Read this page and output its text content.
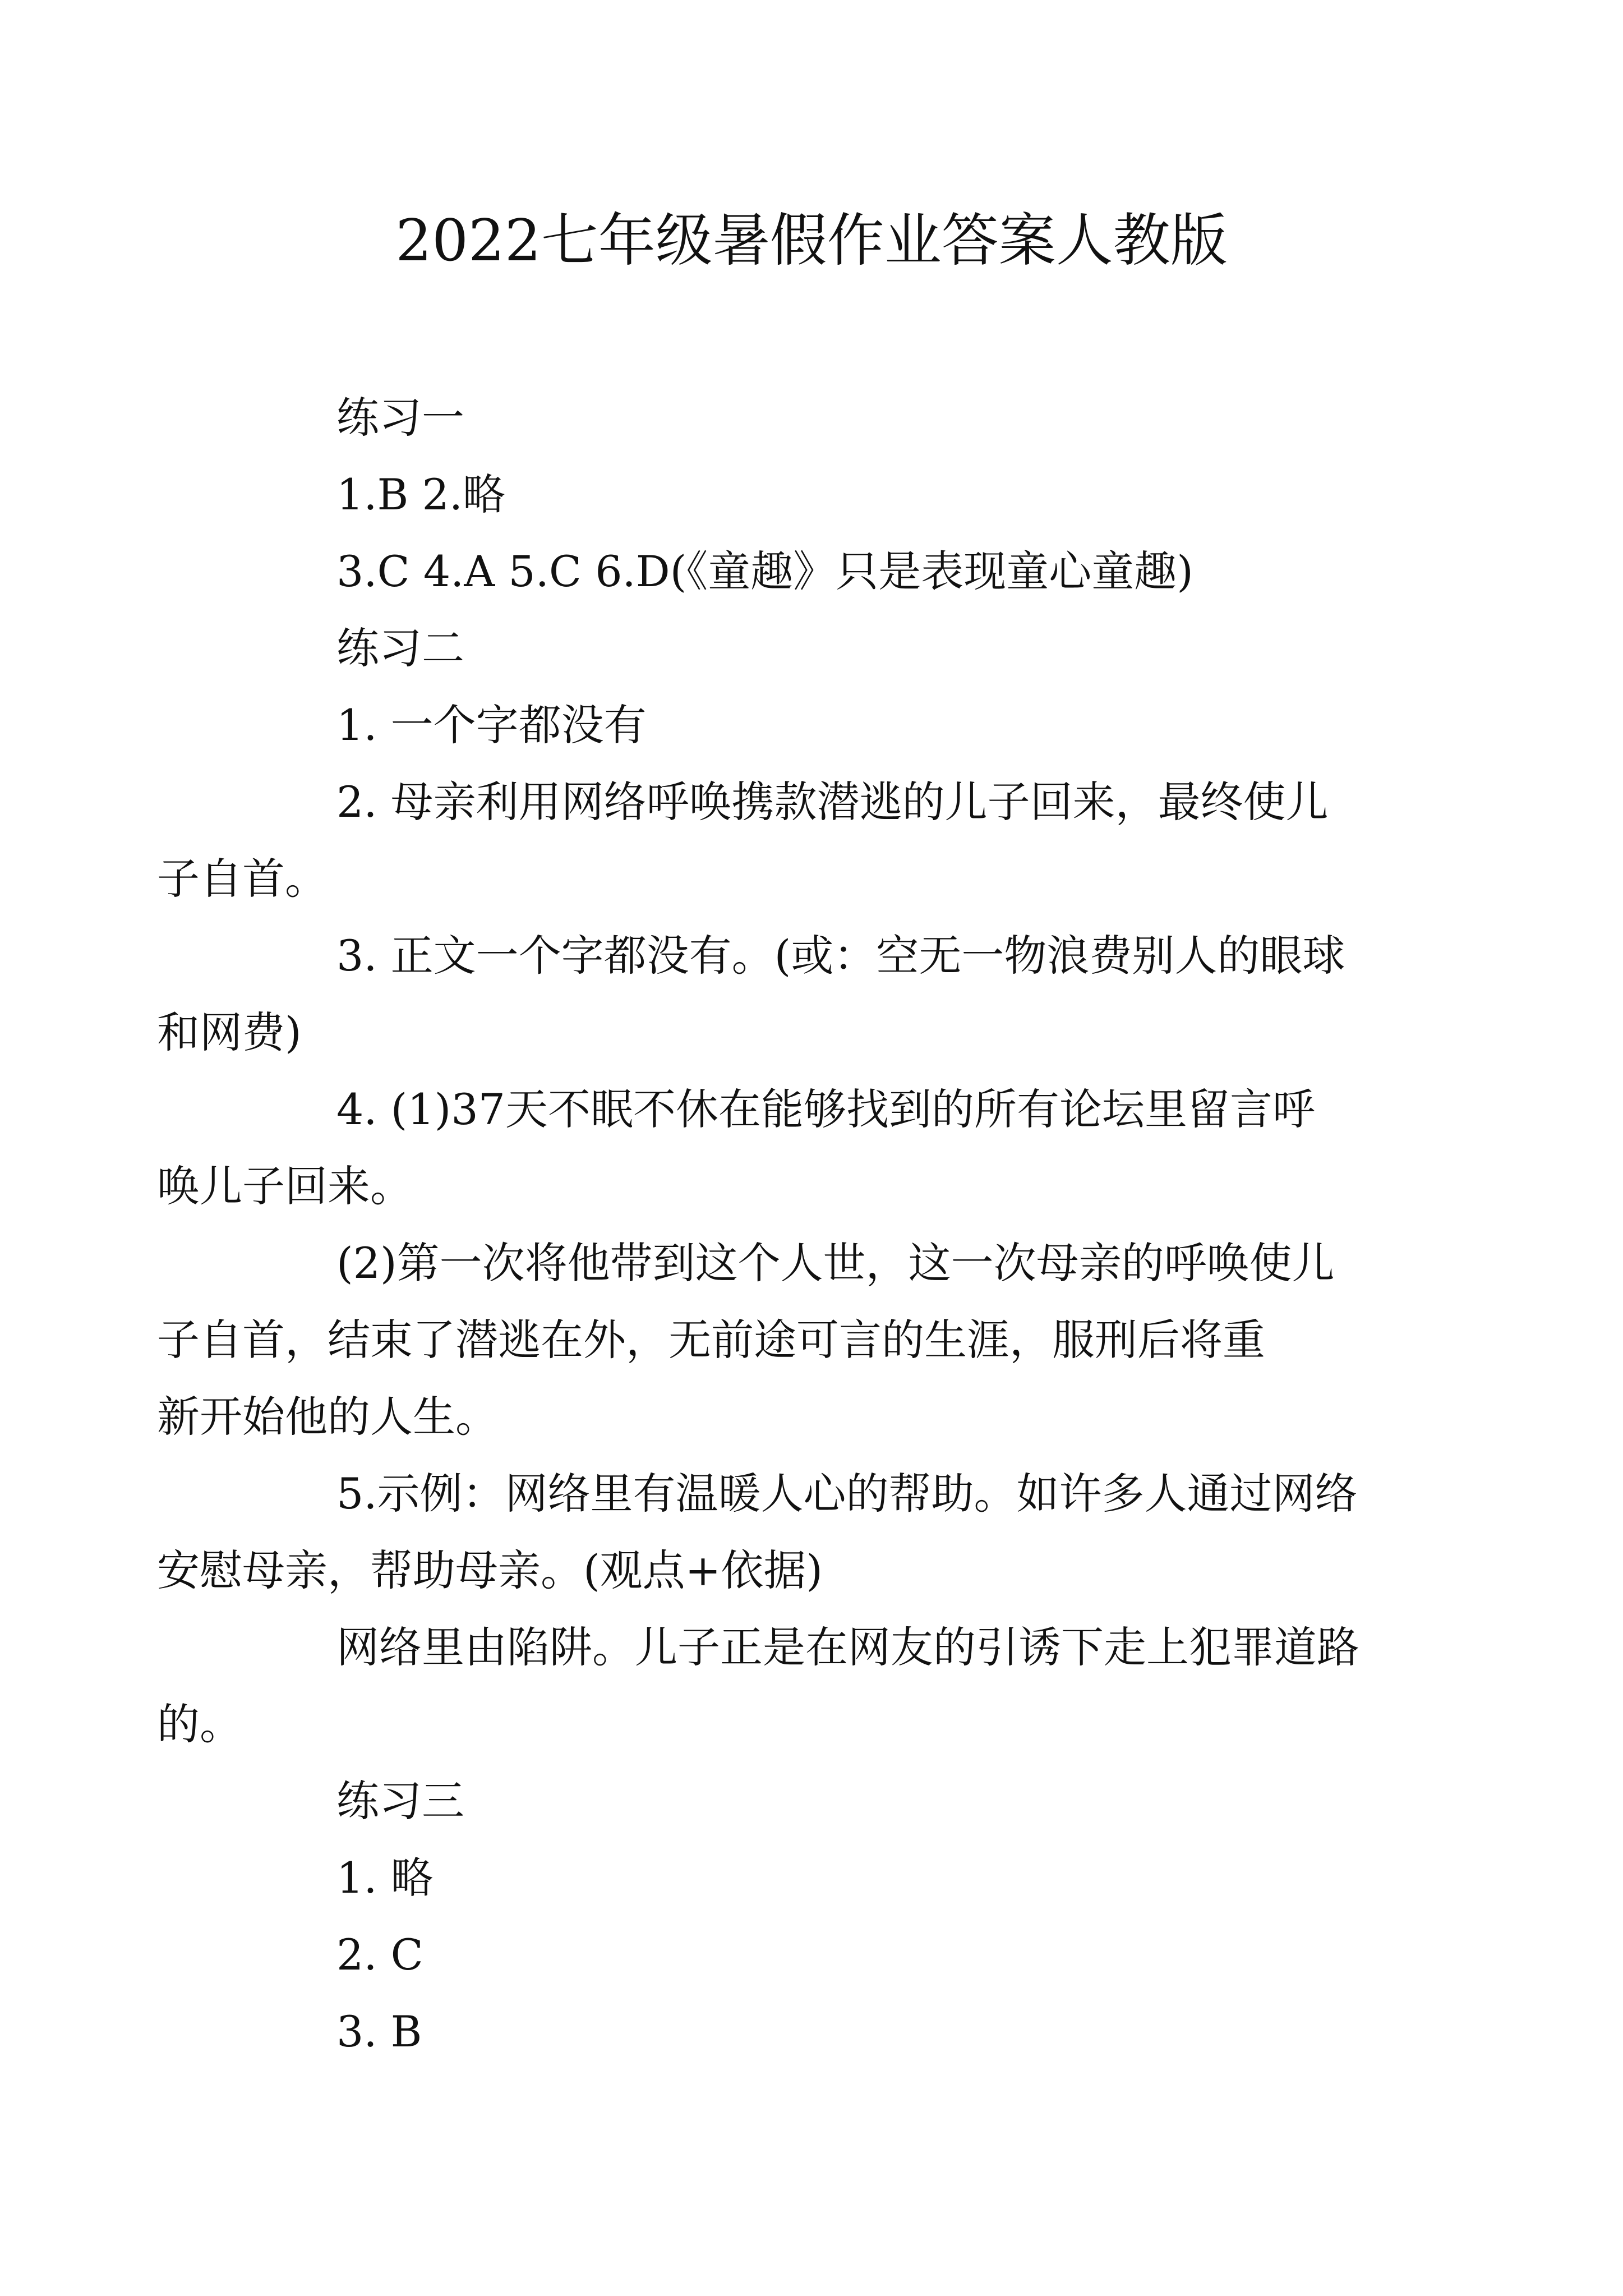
2022七年级暑假作业答案人教版
练习一
1.B 2.略
3.C 4.A 5.C 6.D(《童趣》只是表现童心童趣)
练习二
1. 一个字都没有
2. 母亲利用网络呼唤携款潜逃的儿子回来，最终使儿
子自首。
3. 正文一个字都没有。(或：空无一物浪费别人的眼球
和网费)
4. (1)37天不眠不休在能够找到的所有论坛里留言呼
唤儿子回来。
(2)第一次将他带到这个人世，这一次母亲的呼唤使儿
子自首，结束了潜逃在外，无前途可言的生涯，服刑后将重
新开始他的人生。
5.示例：网络里有温暖人心的帮助。如许多人通过网络
安慰母亲，帮助母亲。(观点+依据)
网络里由陷阱。儿子正是在网友的引诱下走上犯罪道路
的。
练习三
1. 略
2. C
3. B
